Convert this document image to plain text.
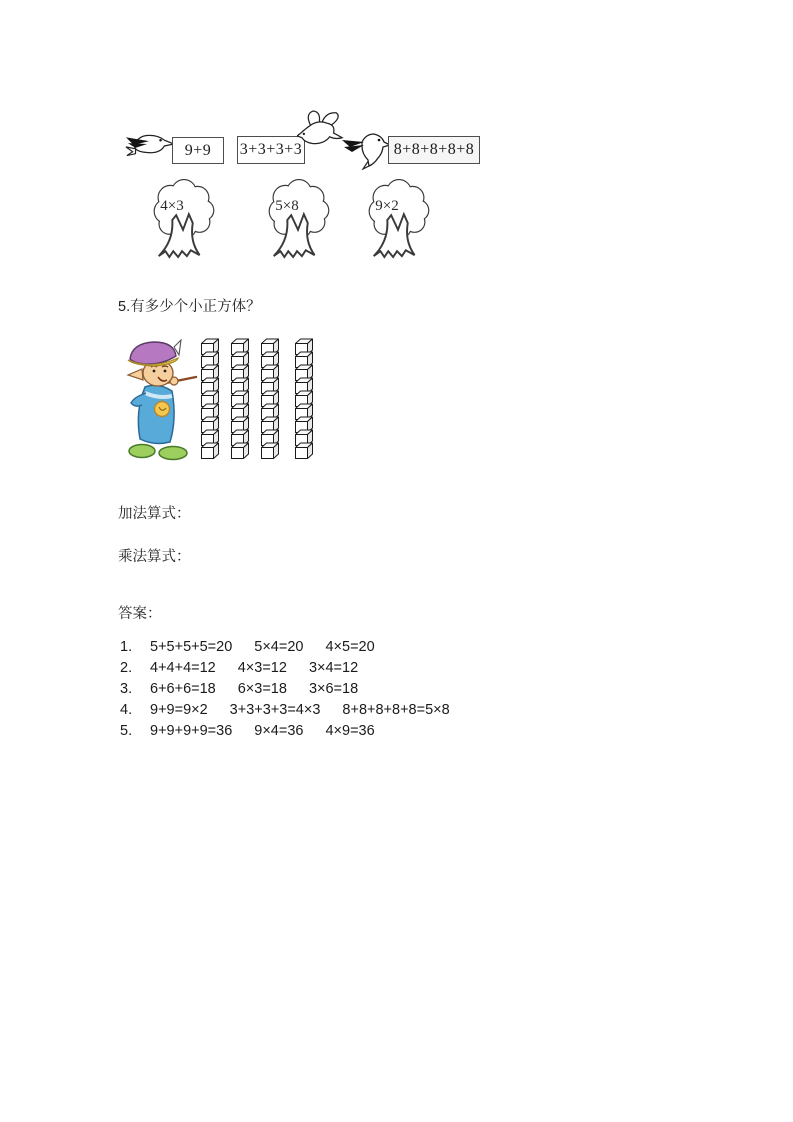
9+9	3+3+3+3	8+8+8+8+8
4×3	5×8	9×2
5.有多少个小正方体？
加法算式：
乘法算式：
答案：
1. 5+5+5+5=20 5×4=20 4×5=20
2. 4+4+4=12 4×3=12 3×4=12
3. 6+6+6=18 6×3=18 3×6=18
4. 9+9=9×2 3+3+3+3=4×3 8+8+8+8+8=5×8
5. 9+9+9+9=36 9×4=36 4×9=36
